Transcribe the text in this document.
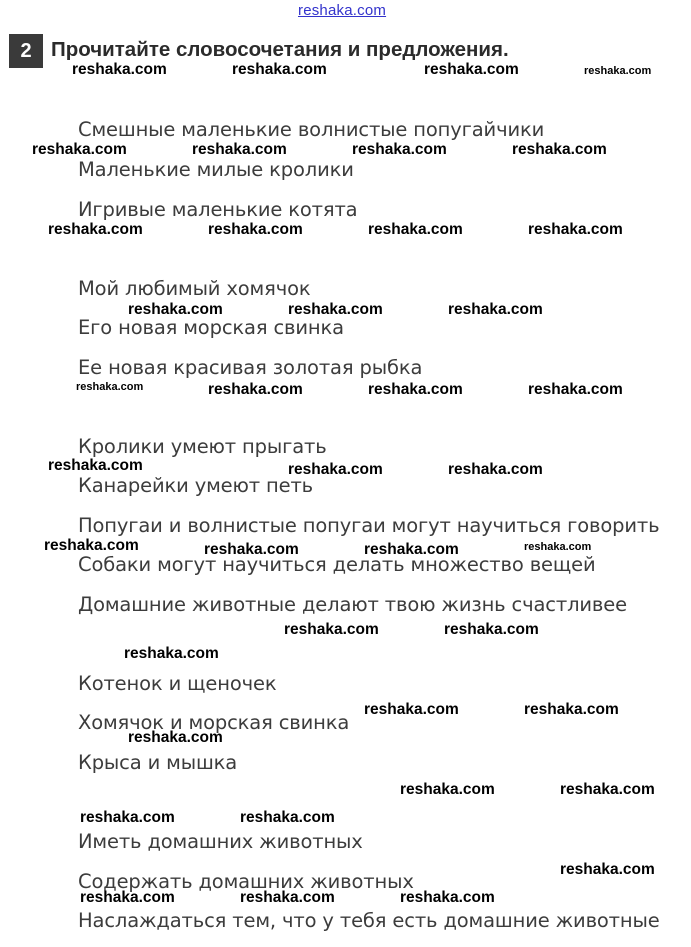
reshaka.com
2 Прочитайте словосочетания и предложения.
Смешные маленькие волнистые попугайчики
Маленькие милые кролики
Игривые маленькие котята
Мой любимый хомячок
Его новая морская свинка
Ее новая красивая золотая рыбка
Кролики умеют прыгать
Канарейки умеют петь
Попугаи и волнистые попугаи могут научиться говорить
Собаки могут научиться делать множество вещей
Домашние животные делают твою жизнь счастливее
Котенок и щеночек
Хомячок и морская свинка
Крыса и мышка
Иметь домашних животных
Содержать домашних животных
Наслаждаться тем, что у тебя есть домашние животные
reshaka.com	reshaka.com	reshaka.com	reshaka.com
reshaka.com	reshaka.com	reshaka.com	reshaka.com
reshaka.com	reshaka.com	reshaka.com	reshaka.com
reshaka.com	reshaka.com	reshaka.com
reshaka.com	reshaka.com	reshaka.com	reshaka.com
reshaka.com	reshaka.com	reshaka.com
reshaka.com	reshaka.com	reshaka.com	reshaka.com
reshaka.com	reshaka.com
reshaka.com
reshaka.com	reshaka.com
reshaka.com
reshaka.com	reshaka.com
reshaka.com	reshaka.com
reshaka.com
reshaka.com	reshaka.com	reshaka.com
